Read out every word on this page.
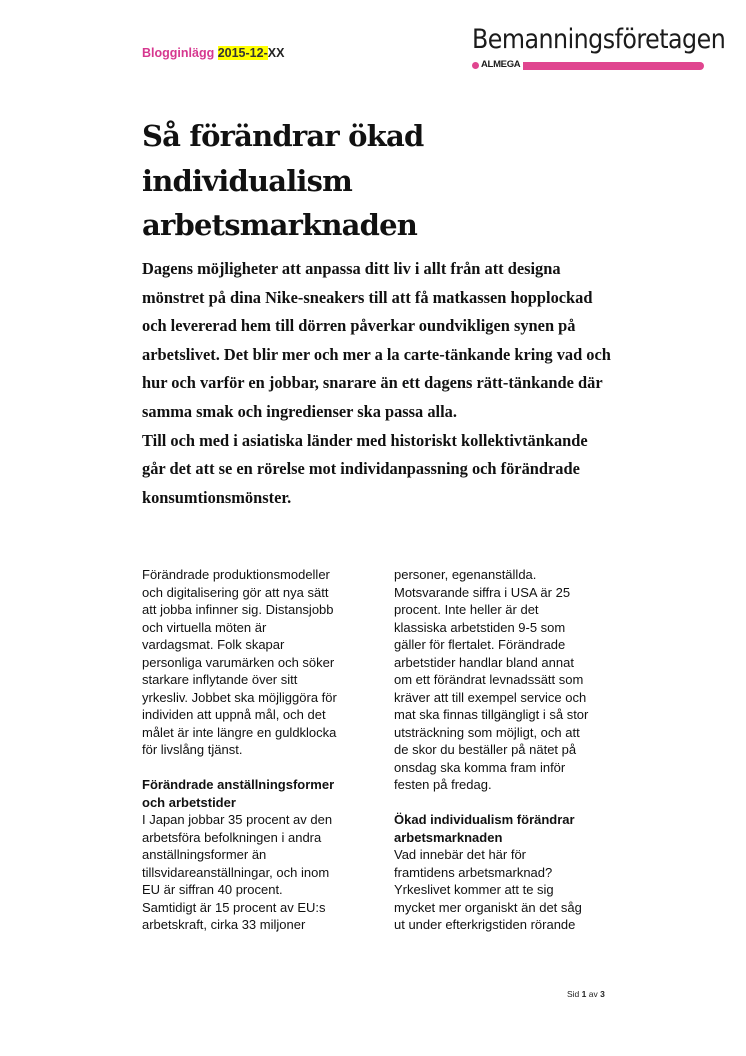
Blogginlägg 2015-12-XX	Bemanningsföretagen
ALMEGA
Så förändrar ökad individualism arbetsmarknaden

Dagens möjligheter att anpassa ditt liv i allt från att designa mönstret på dina Nike-sneakers till att få matkassen hopplockad och levererad hem till dörren påverkar oundvikligen synen på arbetslivet. Det blir mer och mer a la carte-tänkande kring vad och hur och varför en jobbar, snarare än ett dagens rätt-tänkande där samma smak och ingredienser ska passa alla.

Till och med i asiatiska länder med historiskt kollektivtänkande går det att se en rörelse mot individanpassning och förändrade konsumtionsmönster.

Förändrade produktionsmodeller

och digitalisering gör att nya sätt

att jobba infinner sig. Distansjobb

och virtuella möten är

vardagsmat. Folk skapar

personliga varumärken och söker

starkare inflytande över sitt

yrkesliv. Jobbet ska möjliggöra för

individen att uppnå mål, och det

målet är inte längre en guldklocka

för livslång tjänst.

Förändrade anställningsformer

och arbetstider

I Japan jobbar 35 procent av den

arbetsföra befolkningen i andra

anställningsformer än

tillsvidareanställningar, och inom

EU är siffran 40 procent.

Samtidigt är 15 procent av EU:s

arbetskraft, cirka 33 miljoner

personer, egenanställda.

Motsvarande siffra i USA är 25

procent. Inte heller är det

klassiska arbetstiden 9-5 som

gäller för flertalet. Förändrade

arbetstider handlar bland annat

om ett förändrat levnadssätt som

kräver att till exempel service och

mat ska finnas tillgängligt i så stor

utsträckning som möjligt, och att

de skor du beställer på nätet på

onsdag ska komma fram inför

festen på fredag.

Ökad individualism förändrar

arbetsmarknaden

Vad innebär det här för

framtidens arbetsmarknad?

Yrkeslivet kommer att te sig

mycket mer organiskt än det såg

ut under efterkrigstiden rörande

Sid 1 av 3
